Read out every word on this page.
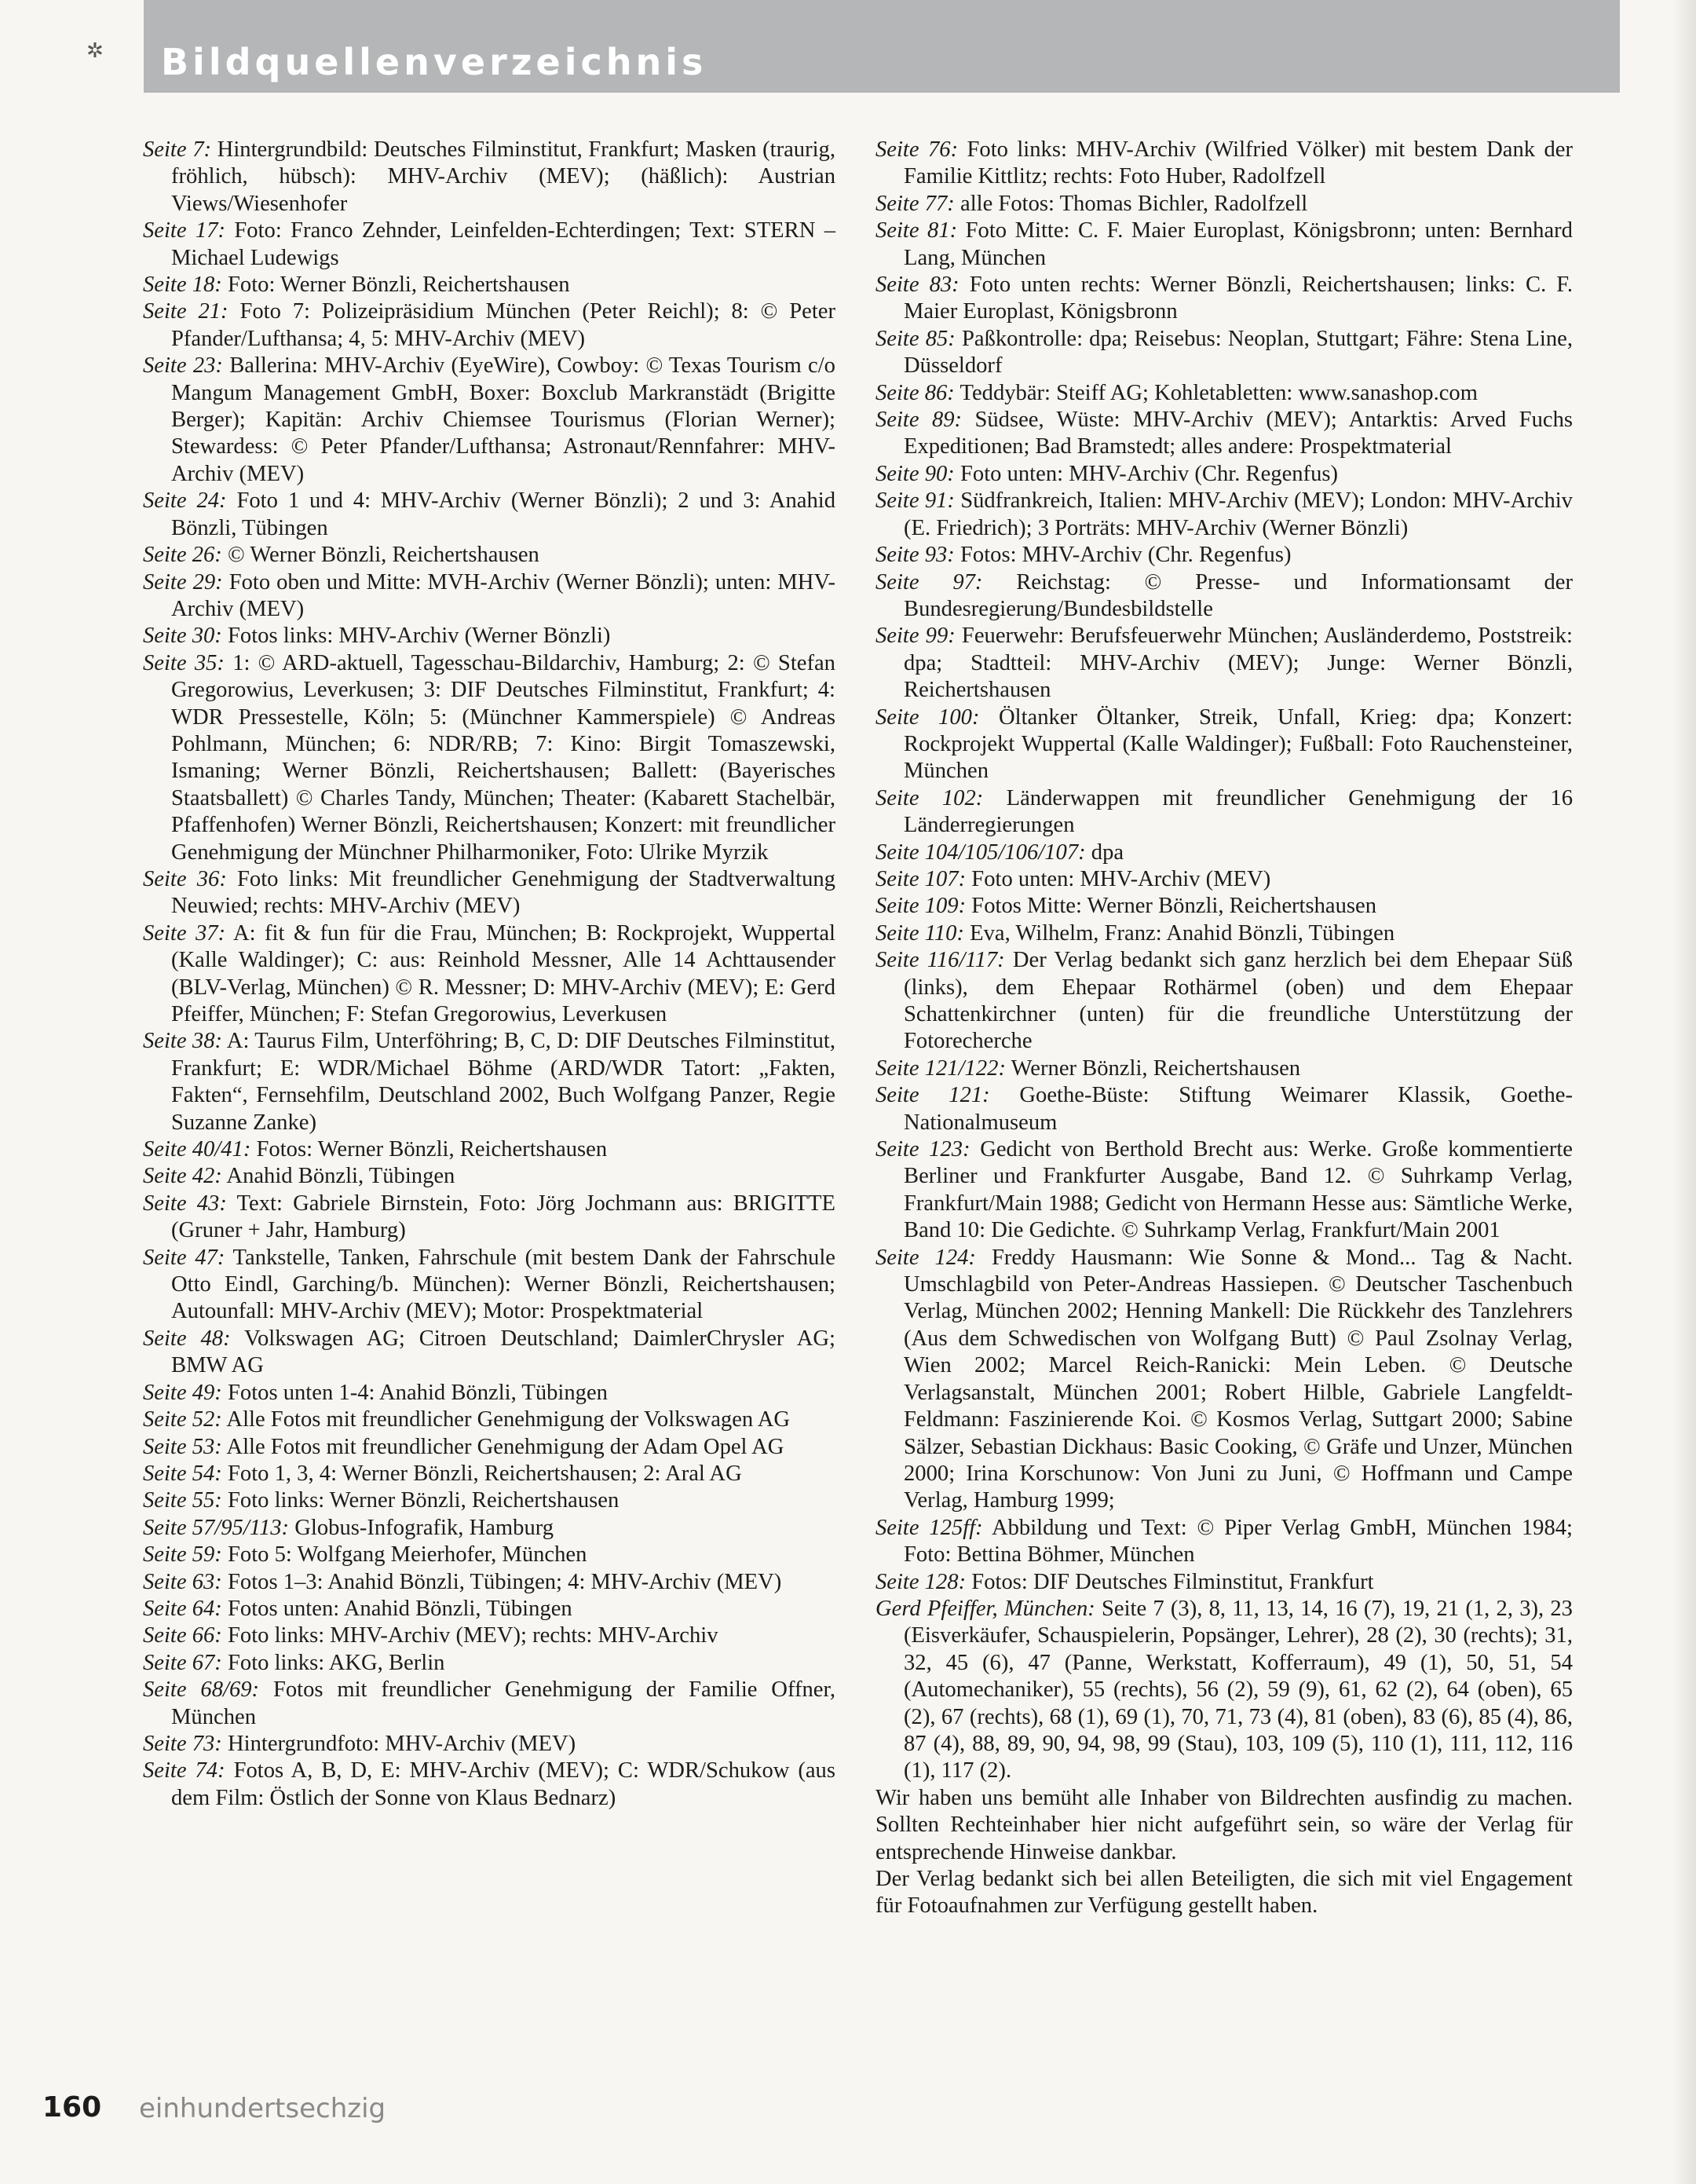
✲ Bildquellenverzeichnis

Seite 7: Hintergrundbild: Deutsches Filminstitut, Frankfurt; Masken (traurig, fröhlich, hübsch): MHV-Archiv (MEV); (häßlich): Austrian Views/Wiesenhofer

Seite 17: Foto: Franco Zehnder, Leinfelden-Echterdingen; Text: STERN – Michael Ludewigs

Seite 18: Foto: Werner Bönzli, Reichertshausen

Seite 21: Foto 7: Polizeipräsidium München (Peter Reichl); 8: © Peter Pfander/Lufthansa; 4, 5: MHV-Archiv (MEV)

Seite 23: Ballerina: MHV-Archiv (EyeWire), Cowboy: © Texas Tourism c/o Mangum Management GmbH, Boxer: Boxclub Markranstädt (Brigitte Berger); Kapitän: Archiv Chiemsee Tourismus (Florian Werner); Stewardess: © Peter Pfander/Lufthansa; Astronaut/Rennfahrer: MHV-Archiv (MEV)

Seite 24: Foto 1 und 4: MHV-Archiv (Werner Bönzli); 2 und 3: Anahid Bönzli, Tübingen

Seite 26: © Werner Bönzli, Reichertshausen

Seite 29: Foto oben und Mitte: MVH-Archiv (Werner Bönzli); unten: MHV-Archiv (MEV)

Seite 30: Fotos links: MHV-Archiv (Werner Bönzli)

Seite 35: 1: © ARD-aktuell, Tagesschau-Bildarchiv, Hamburg; 2: © Stefan Gregorowius, Leverkusen; 3: DIF Deutsches Filminstitut, Frankfurt; 4: WDR Pressestelle, Köln; 5: (Münchner Kammerspiele) © Andreas Pohlmann, München; 6: NDR/RB; 7: Kino: Birgit Tomaszewski, Ismaning; Werner Bönzli, Reichertshausen; Ballett: (Bayerisches Staatsballett) © Charles Tandy, München; Theater: (Kabarett Stachelbär, Pfaffenhofen) Werner Bönzli, Reichertshausen; Konzert: mit freundlicher Genehmigung der Münchner Philharmoniker, Foto: Ulrike Myrzik

Seite 36: Foto links: Mit freundlicher Genehmigung der Stadtverwaltung Neuwied; rechts: MHV-Archiv (MEV)

Seite 37: A: fit & fun für die Frau, München; B: Rockprojekt, Wuppertal (Kalle Waldinger); C: aus: Reinhold Messner, Alle 14 Achttausender (BLV-Verlag, München) © R. Messner; D: MHV-Archiv (MEV); E: Gerd Pfeiffer, München; F: Stefan Gregorowius, Leverkusen

Seite 38: A: Taurus Film, Unterföhring; B, C, D: DIF Deutsches Filminstitut, Frankfurt; E: WDR/Michael Böhme (ARD/WDR Tatort: „Fakten, Fakten“, Fernsehfilm, Deutschland 2002, Buch Wolfgang Panzer, Regie Suzanne Zanke)

Seite 40/41: Fotos: Werner Bönzli, Reichertshausen

Seite 42: Anahid Bönzli, Tübingen

Seite 43: Text: Gabriele Birnstein, Foto: Jörg Jochmann aus: BRIGITTE (Gruner + Jahr, Hamburg)

Seite 47: Tankstelle, Tanken, Fahrschule (mit bestem Dank der Fahrschule Otto Eindl, Garching/b. München): Werner Bönzli, Reichertshausen; Autounfall: MHV-Archiv (MEV); Motor: Prospektmaterial

Seite 48: Volkswagen AG; Citroen Deutschland; DaimlerChrysler AG; BMW AG

Seite 49: Fotos unten 1-4: Anahid Bönzli, Tübingen

Seite 52: Alle Fotos mit freundlicher Genehmigung der Volkswagen AG

Seite 53: Alle Fotos mit freundlicher Genehmigung der Adam Opel AG

Seite 54: Foto 1, 3, 4: Werner Bönzli, Reichertshausen; 2: Aral AG

Seite 55: Foto links: Werner Bönzli, Reichertshausen

Seite 57/95/113: Globus-Infografik, Hamburg

Seite 59: Foto 5: Wolfgang Meierhofer, München

Seite 63: Fotos 1–3: Anahid Bönzli, Tübingen; 4: MHV-Archiv (MEV)

Seite 64: Fotos unten: Anahid Bönzli, Tübingen

Seite 66: Foto links: MHV-Archiv (MEV); rechts: MHV-Archiv

Seite 67: Foto links: AKG, Berlin

Seite 68/69: Fotos mit freundlicher Genehmigung der Familie Offner, München

Seite 73: Hintergrundfoto: MHV-Archiv (MEV)

Seite 74: Fotos A, B, D, E: MHV-Archiv (MEV); C: WDR/Schukow (aus dem Film: Östlich der Sonne von Klaus Bednarz)

Seite 76: Foto links: MHV-Archiv (Wilfried Völker) mit bestem Dank der Familie Kittlitz; rechts: Foto Huber, Radolfzell

Seite 77: alle Fotos: Thomas Bichler, Radolfzell

Seite 81: Foto Mitte: C. F. Maier Europlast, Königsbronn; unten: Bernhard Lang, München

Seite 83: Foto unten rechts: Werner Bönzli, Reichertshausen; links: C. F. Maier Europlast, Königsbronn

Seite 85: Paßkontrolle: dpa; Reisebus: Neoplan, Stuttgart; Fähre: Stena Line, Düsseldorf

Seite 86: Teddybär: Steiff AG; Kohletabletten: www.sanashop.com

Seite 89: Südsee, Wüste: MHV-Archiv (MEV); Antarktis: Arved Fuchs Expeditionen; Bad Bramstedt; alles andere: Prospektmaterial

Seite 90: Foto unten: MHV-Archiv (Chr. Regenfus)

Seite 91: Südfrankreich, Italien: MHV-Archiv (MEV); London: MHV-Archiv (E. Friedrich); 3 Porträts: MHV-Archiv (Werner Bönzli)

Seite 93: Fotos: MHV-Archiv (Chr. Regenfus)

Seite 97: Reichstag: © Presse- und Informationsamt der Bundesregierung/Bundesbildstelle

Seite 99: Feuerwehr: Berufsfeuerwehr München; Ausländerdemo, Poststreik: dpa; Stadtteil: MHV-Archiv (MEV); Junge: Werner Bönzli, Reichertshausen

Seite 100: Öltanker Öltanker, Streik, Unfall, Krieg: dpa; Konzert: Rockprojekt Wuppertal (Kalle Waldinger); Fußball: Foto Rauchensteiner, München

Seite 102: Länderwappen mit freundlicher Genehmigung der 16 Länderregierungen

Seite 104/105/106/107: dpa

Seite 107: Foto unten: MHV-Archiv (MEV)

Seite 109: Fotos Mitte: Werner Bönzli, Reichertshausen

Seite 110: Eva, Wilhelm, Franz: Anahid Bönzli, Tübingen

Seite 116/117: Der Verlag bedankt sich ganz herzlich bei dem Ehepaar Süß (links), dem Ehepaar Rothärmel (oben) und dem Ehepaar Schattenkirchner (unten) für die freundliche Unterstützung der Fotorecherche

Seite 121/122: Werner Bönzli, Reichertshausen

Seite 121: Goethe-Büste: Stiftung Weimarer Klassik, Goethe-Nationalmuseum

Seite 123: Gedicht von Berthold Brecht aus: Werke. Große kommentierte Berliner und Frankfurter Ausgabe, Band 12. © Suhrkamp Verlag, Frankfurt/Main 1988; Gedicht von Hermann Hesse aus: Sämtliche Werke, Band 10: Die Gedichte. © Suhrkamp Verlag, Frankfurt/Main 2001

Seite 124: Freddy Hausmann: Wie Sonne & Mond... Tag & Nacht. Umschlagbild von Peter-Andreas Hassiepen. © Deutscher Taschenbuch Verlag, München 2002; Henning Mankell: Die Rückkehr des Tanzlehrers (Aus dem Schwedischen von Wolfgang Butt) © Paul Zsolnay Verlag, Wien 2002; Marcel Reich-Ranicki: Mein Leben. © Deutsche Verlagsanstalt, München 2001; Robert Hilble, Gabriele Langfeldt-Feldmann: Faszinierende Koi. © Kosmos Verlag, Suttgart 2000; Sabine Sälzer, Sebastian Dickhaus: Basic Cooking, © Gräfe und Unzer, München 2000; Irina Korschunow: Von Juni zu Juni, © Hoffmann und Campe Verlag, Hamburg 1999;

Seite 125ff: Abbildung und Text: © Piper Verlag GmbH, München 1984; Foto: Bettina Böhmer, München

Seite 128: Fotos: DIF Deutsches Filminstitut, Frankfurt

Gerd Pfeiffer, München: Seite 7 (3), 8, 11, 13, 14, 16 (7), 19, 21 (1, 2, 3), 23 (Eisverkäufer, Schauspielerin, Popsänger, Lehrer), 28 (2), 30 (rechts); 31, 32, 45 (6), 47 (Panne, Werkstatt, Kofferraum), 49 (1), 50, 51, 54 (Automechaniker), 55 (rechts), 56 (2), 59 (9), 61, 62 (2), 64 (oben), 65 (2), 67 (rechts), 68 (1), 69 (1), 70, 71, 73 (4), 81 (oben), 83 (6), 85 (4), 86, 87 (4), 88, 89, 90, 94, 98, 99 (Stau), 103, 109 (5), 110 (1), 111, 112, 116 (1), 117 (2).

Wir haben uns bemüht alle Inhaber von Bildrechten ausfindig zu machen. Sollten Rechteinhaber hier nicht aufgeführt sein, so wäre der Verlag für entsprechende Hinweise dankbar.

Der Verlag bedankt sich bei allen Beteiligten, die sich mit viel Engagement für Fotoaufnahmen zur Verfügung gestellt haben.

160 einhundertsechzig
